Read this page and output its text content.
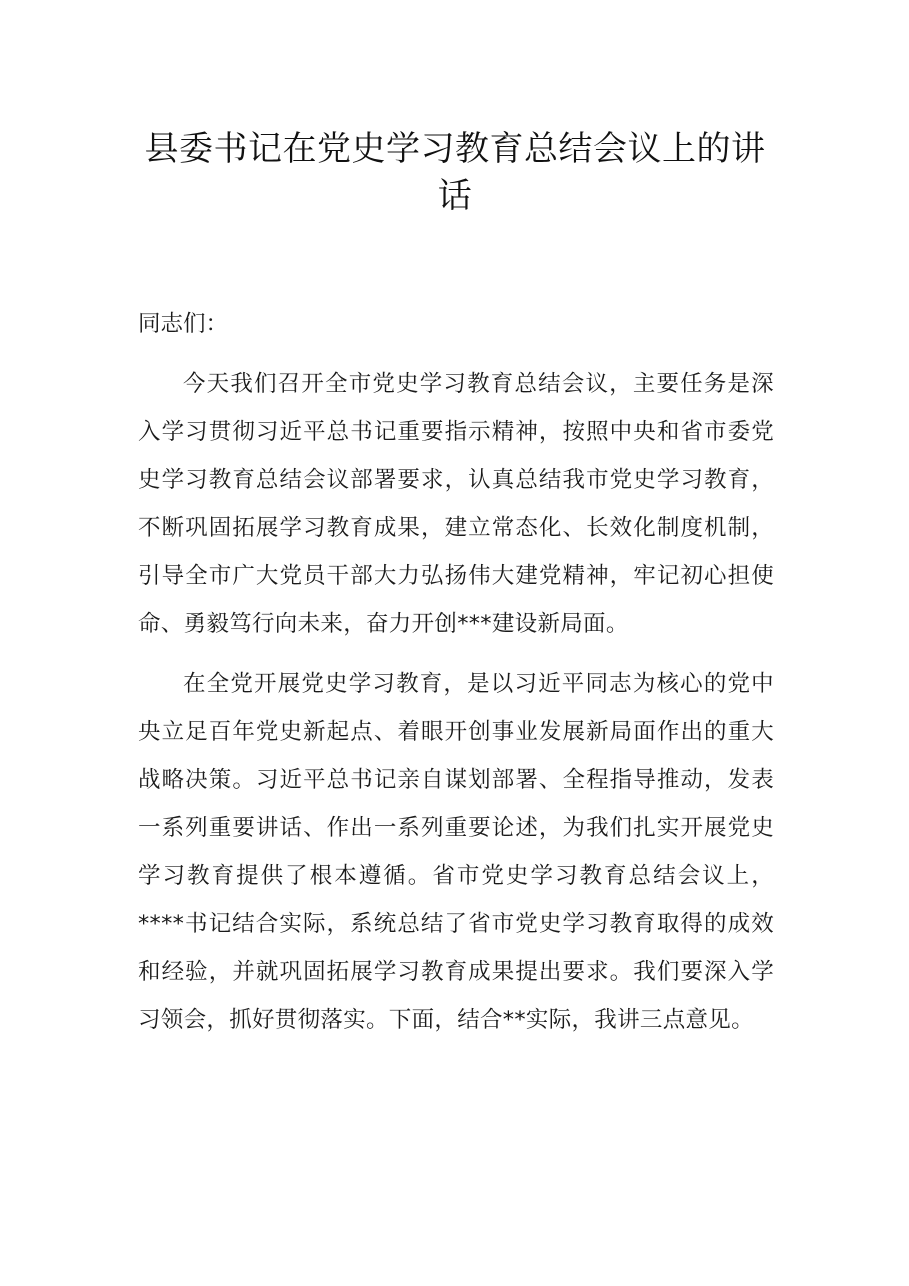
县委书记在党史学习教育总结会议上的讲话

同志们：

今天我们召开全市党史学习教育总结会议，主要任务是深入学习贯彻习近平总书记重要指示精神，按照中央和省市委党史学习教育总结会议部署要求，认真总结我市党史学习教育，不断巩固拓展学习教育成果，建立常态化、长效化制度机制，引导全市广大党员干部大力弘扬伟大建党精神，牢记初心担使命、勇毅笃行向未来，奋力开创***建设新局面。

在全党开展党史学习教育，是以习近平同志为核心的党中央立足百年党史新起点、着眼开创事业发展新局面作出的重大战略决策。习近平总书记亲自谋划部署、全程指导推动，发表一系列重要讲话、作出一系列重要论述，为我们扎实开展党史学习教育提供了根本遵循。省市党史学习教育总结会议上，****书记结合实际，系统总结了省市党史学习教育取得的成效和经验，并就巩固拓展学习教育成果提出要求。我们要深入学习领会，抓好贯彻落实。下面，结合**实际，我讲三点意见。
